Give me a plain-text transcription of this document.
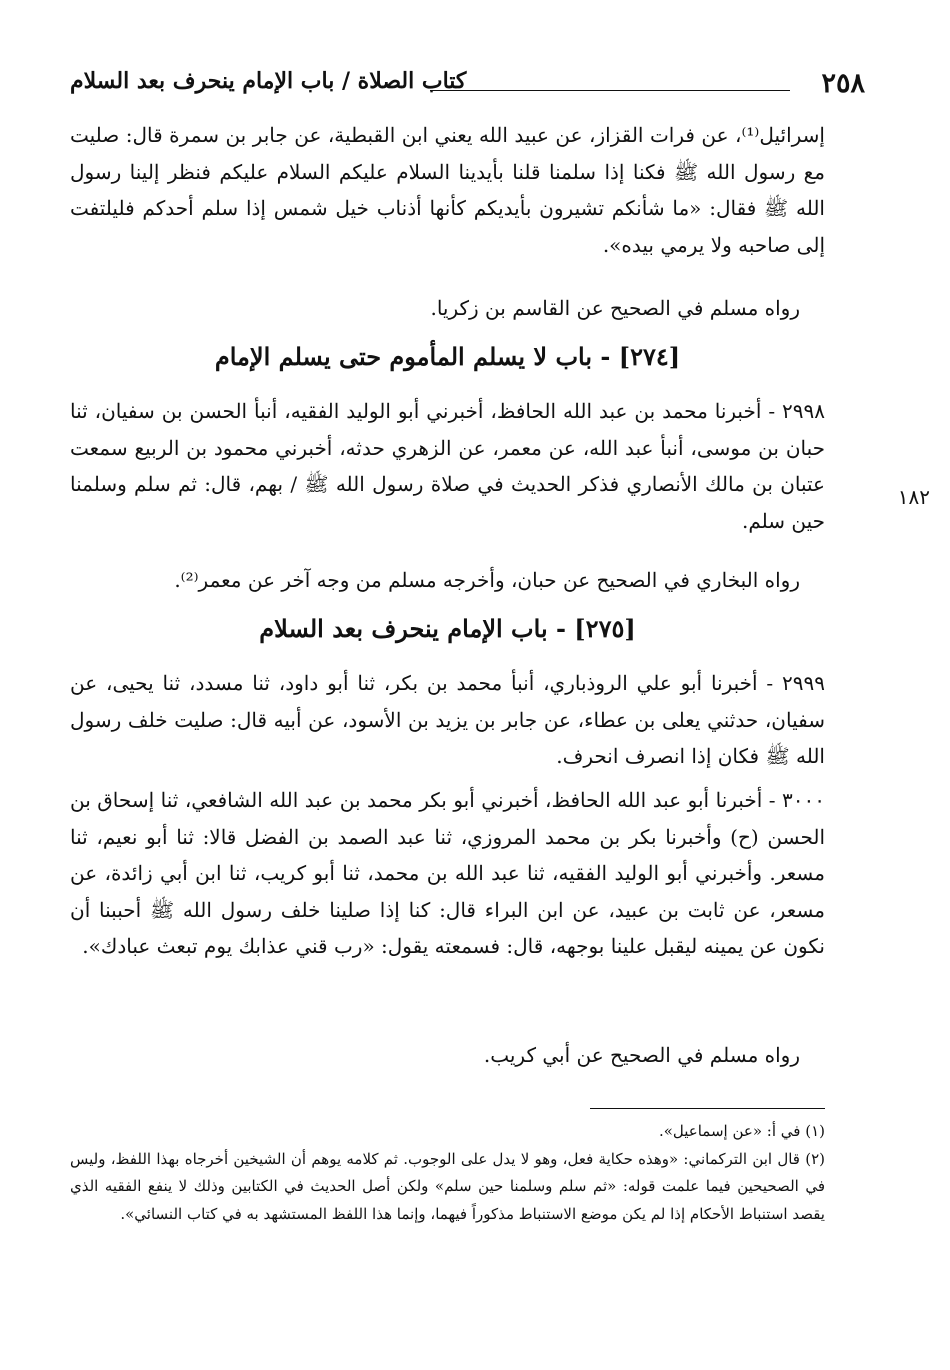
٢٥٨
كتاب الصلاة / باب الإمام ينحرف بعد السلام
إسرائيل⁽¹⁾، عن فرات القزاز، عن عبيد الله يعني ابن القبطية، عن جابر بن سمرة قال: صليت مع رسول الله ﷺ فكنا إذا سلمنا قلنا بأيدينا السلام عليكم السلام عليكم فنظر إلينا رسول الله ﷺ فقال: «ما شأنكم تشيرون بأيديكم كأنها أذناب خيل شمس إذا سلم أحدكم فليلتفت إلى صاحبه ولا يرمي بيده».
رواه مسلم في الصحيح عن القاسم بن زكريا.
[٢٧٤] - باب لا يسلم المأموم حتى يسلم الإمام
٢٩٩٨ - أخبرنا محمد بن عبد الله الحافظ، أخبرني أبو الوليد الفقيه، أنبأ الحسن بن سفيان، ثنا حبان بن موسى، أنبأ عبد الله، عن معمر، عن الزهري حدثه، أخبرني محمود بن الربيع سمعت عتبان بن مالك الأنصاري فذكر الحديث في صلاة رسول الله ﷺ / بهم، قال: ثم سلم وسلمنا حين سلم.
١٨٢
رواه البخاري في الصحيح عن حبان، وأخرجه مسلم من وجه آخر عن معمر⁽²⁾.
[٢٧٥] - باب الإمام ينحرف بعد السلام
٢٩٩٩ - أخبرنا أبو علي الروذباري، أنبأ محمد بن بكر، ثنا أبو داود، ثنا مسدد، ثنا يحيى، عن سفيان، حدثني يعلى بن عطاء، عن جابر بن يزيد بن الأسود، عن أبيه قال: صليت خلف رسول الله ﷺ فكان إذا انصرف انحرف.
٣٠٠٠ - أخبرنا أبو عبد الله الحافظ، أخبرني أبو بكر محمد بن عبد الله الشافعي، ثنا إسحاق بن الحسن (ح) وأخبرنا بكر بن محمد المروزي، ثنا عبد الصمد بن الفضل قالا: ثنا أبو نعيم، ثنا مسعر. وأخبرني أبو الوليد الفقيه، ثنا عبد الله بن محمد، ثنا أبو كريب، ثنا ابن أبي زائدة، عن مسعر، عن ثابت بن عبيد، عن ابن البراء قال: كنا إذا صلينا خلف رسول الله ﷺ أحببنا أن نكون عن يمينه ليقبل علينا بوجهه، قال: فسمعته يقول: «رب قني عذابك يوم تبعث عبادك».
رواه مسلم في الصحيح عن أبي كريب.

(١) في أ: «عن إسماعيل».

(٢) قال ابن التركماني: «وهذه حكاية فعل، وهو لا يدل على الوجوب. ثم كلامه يوهم أن الشيخين أخرجاه بهذا اللفظ، وليس في الصحيحين فيما علمت قوله: «ثم سلم وسلمنا حين سلم» ولكن أصل الحديث في الكتابين وذلك لا ينفع الفقيه الذي يقصد استنباط الأحكام إذا لم يكن موضع الاستنباط مذكوراً فيهما، وإنما هذا اللفظ المستشهد به في كتاب النسائي».
